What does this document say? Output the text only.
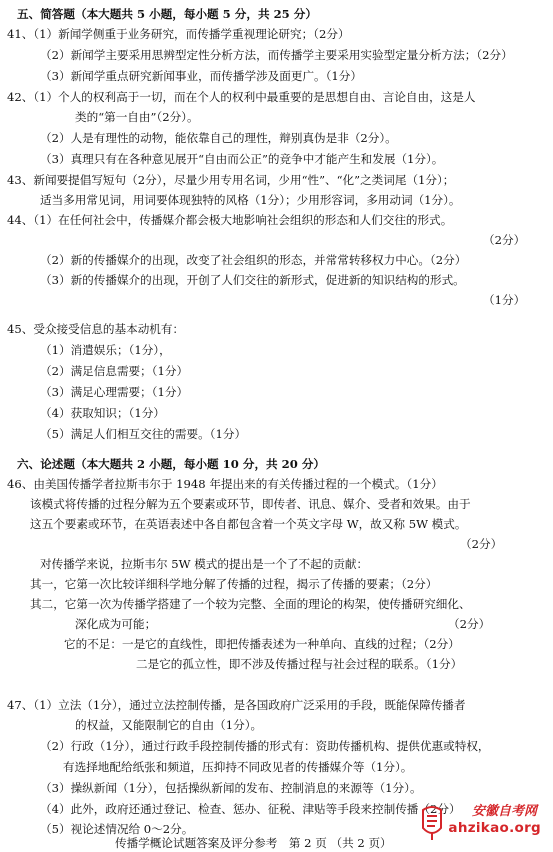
五、简答题（本大题共 5 小题，每小题 5 分，共 25 分）
41、（1）新闻学侧重于业务研究，而传播学重视理论研究；（2分）
（2）新闻学主要采用思辨型定性分析方法，而传播学主要采用实验型定量分析方法；（2分）
（3）新闻学重点研究新闻事业，而传播学涉及面更广。（1分）
42、（1）个人的权利高于一切，而在个人的权利中最重要的是思想自由、言论自由，这是人
类的“第一自由”（2分）。
（2）人是有理性的动物，能依靠自己的理性，辩别真伪是非（2分）。
（3）真理只有在各种意见展开“自由而公正”的竞争中才能产生和发展（1分）。
43、新闻要提倡写短句（2分），尽量少用专用名词，少用“性”、“化”之类词尾（1分）；
适当多用常见词，用词要体现独特的风格（1分）；少用形容词，多用动词（1分）。
44、（1）在任何社会中，传播媒介都会极大地影响社会组织的形态和人们交往的形式。
（2分）
（2）新的传播媒介的出现，改变了社会组织的形态，并常常转移权力中心。（2分）
（3）新的传播媒介的出现，开创了人们交往的新形式，促进新的知识结构的形式。
（1分）
45、受众接受信息的基本动机有：
（1）消遣娱乐；（1分），
（2）满足信息需要；（1分）
（3）满足心理需要；（1分）
（4）获取知识；（1分）
（5）满足人们相互交往的需要。（1分）
六、论述题（本大题共 2 小题，每小题 10 分，共 20 分）
46、由美国传播学者拉斯韦尔于 1948 年提出来的有关传播过程的一个模式。（1分）
该模式将传播的过程分解为五个要素或环节，即传者、讯息、媒介、受者和效果。由于
这五个要素或环节，在英语表述中各自都包含着一个英文字母 W，故又称 5W 模式。
（2分）
对传播学来说，拉斯韦尔 5W 模式的提出是一个了不起的贡献：
其一，它第一次比较详细科学地分解了传播的过程，揭示了传播的要素；（2分）
其二，它第一次为传播学搭建了一个较为完整、全面的理论的构架，使传播研究细化、
深化成为可能；	（2分）
它的不足：一是它的直线性，即把传播表述为一种单向、直线的过程；（2分）
二是它的孤立性，即不涉及传播过程与社会过程的联系。（1分）
47、（1）立法（1分），通过立法控制传播，是各国政府广泛采用的手段，既能保障传播者
的权益，又能限制它的自由（1分）。
（2）行政（1分），通过行政手段控制传播的形式有：资助传播机构、提供优惠或特权，
有选择地配给纸张和频道，压抑持不同政见者的传播媒介等（1分）。
（3）操纵新闻（1分），包括操纵新闻的发布、控制消息的来源等（1分）。
（4）此外，政府还通过登记、检查、惩办、征税、津贴等手段来控制传播（2分）
（5）视论述情况给 0～2分。
传播学概论试题答案及评分参考　第 2 页 （共 2 页）
安徽自考网
ahzikao.org
